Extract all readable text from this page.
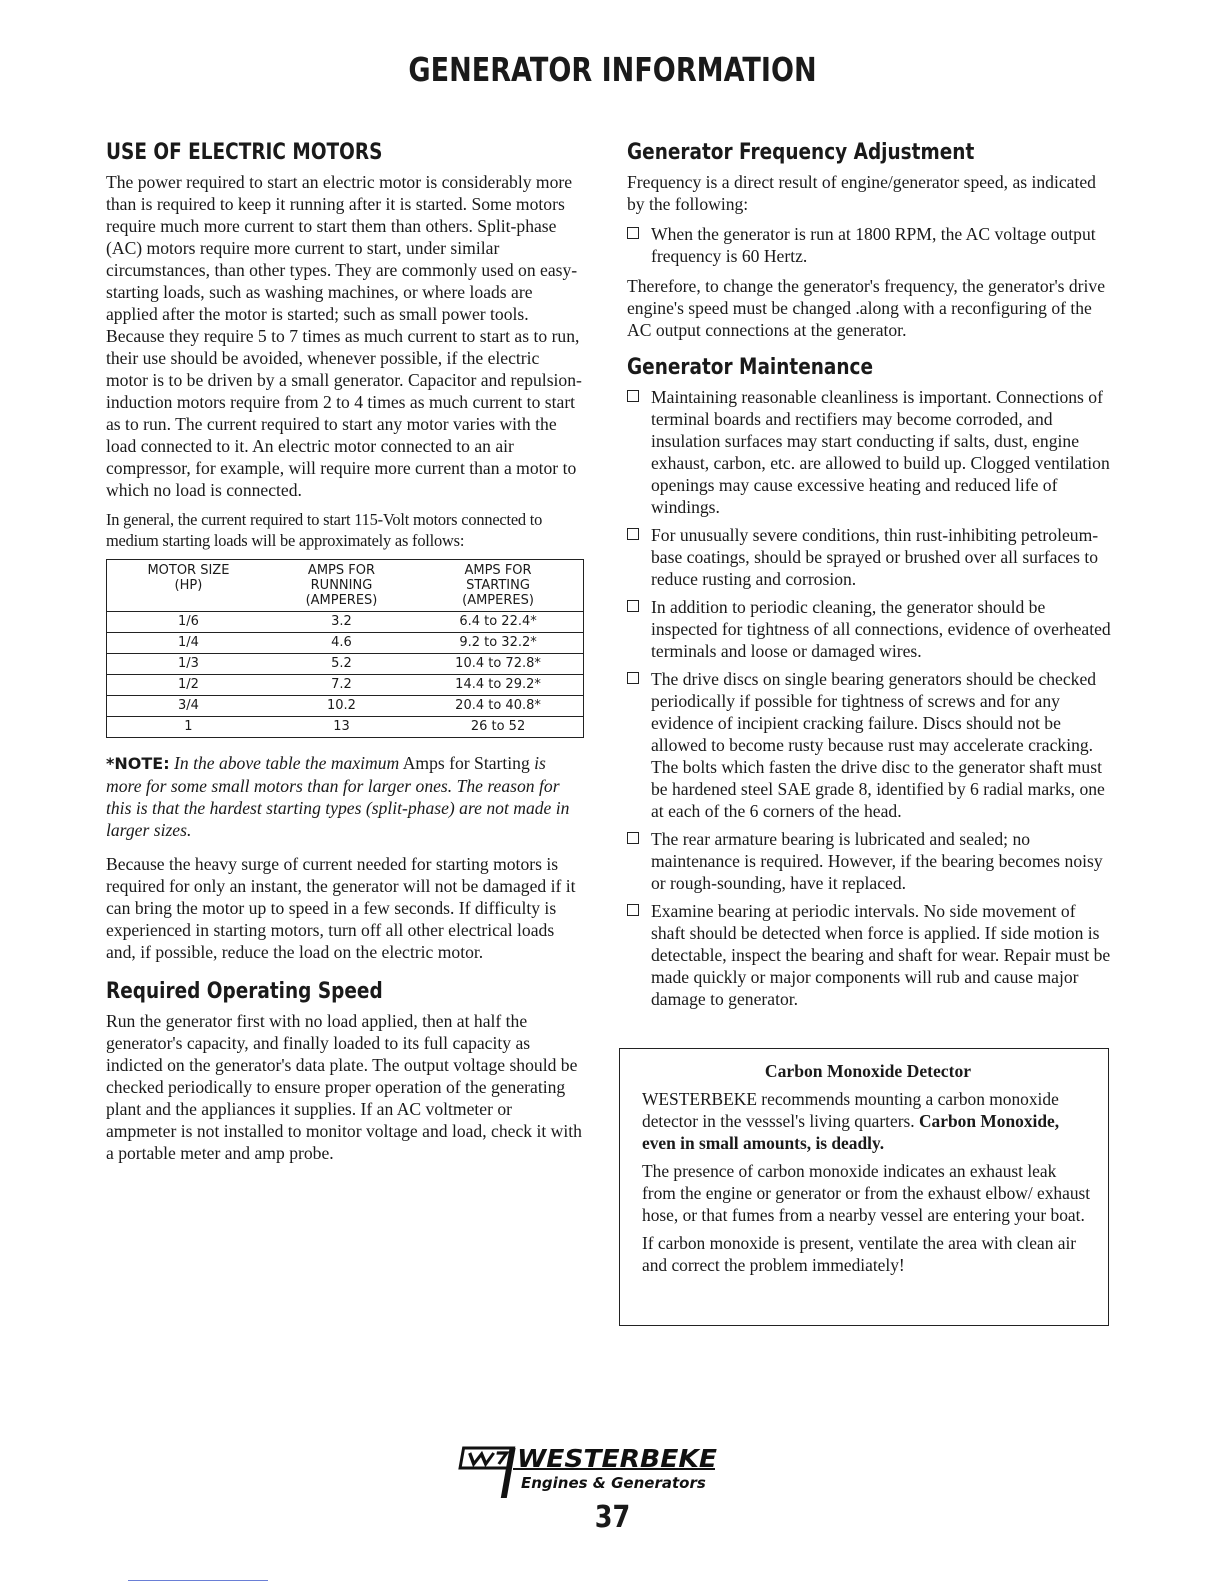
GENERATOR INFORMATION
USE OF ELECTRIC MOTORS

The power required to start an electric motor is considerably more than is required to keep it running after it is started. Some motors require much more current to start them than others. Split-phase (AC) motors require more current to start, under similar circumstances, than other types. They are commonly used on easy-starting loads, such as washing machines, or where loads are applied after the motor is started; such as small power tools. Because they require 5 to 7 times as much current to start as to run, their use should be avoided, whenever possible, if the electric motor is to be driven by a small generator. Capacitor and repulsion-induction motors require from 2 to 4 times as much current to start as to run. The current required to start any motor varies with the load connected to it. An electric motor connected to an air compressor, for example, will require more current than a motor to which no load is connected.

In general, the current required to start 115-Volt motors connected to medium starting loads will be approximately as follows:

MOTOR SIZE
(HP)	AMPS FOR
RUNNING
(AMPERES)	AMPS FOR
STARTING
(AMPERES)
1/6	3.2	6.4 to 22.4*
1/4	4.6	9.2 to 32.2*
1/3	5.2	10.4 to 72.8*
1/2	7.2	14.4 to 29.2*
3/4	10.2	20.4 to 40.8*
1	13	26 to 52

*NOTE: In the above table the maximum Amps for Starting is more for some small motors than for larger ones. The reason for this is that the hardest starting types (split-phase) are not made in larger sizes.

Because the heavy surge of current needed for starting motors is required for only an instant, the generator will not be damaged if it can bring the motor up to speed in a few seconds. If difficulty is experienced in starting motors, turn off all other electrical loads and, if possible, reduce the load on the electric motor.

Required Operating Speed

Run the generator first with no load applied, then at half the generator's capacity, and finally loaded to its full capacity as indicted on the generator's data plate. The output voltage should be checked periodically to ensure proper operation of the generating plant and the appliances it supplies. If an AC voltmeter or ampmeter is not installed to monitor voltage and load, check it with a portable meter and amp probe.

Generator Frequency Adjustment

Frequency is a direct result of engine/generator speed, as indicated by the following:

When the generator is run at 1800 RPM, the AC voltage output frequency is 60 Hertz.

Therefore, to change the generator's frequency, the generator's drive engine's speed must be changed .along with a reconfiguring of the AC output connections at the generator.

Generator Maintenance
Maintaining reasonable cleanliness is important. Connections of terminal boards and rectifiers may become corroded, and insulation surfaces may start conducting if salts, dust, engine exhaust, carbon, etc. are allowed to build up. Clogged ventilation openings may cause excessive heating and reduced life of windings.
For unusually severe conditions, thin rust-inhibiting petroleum-base coatings, should be sprayed or brushed over all surfaces to reduce rusting and corrosion.
In addition to periodic cleaning, the generator should be inspected for tightness of all connections, evidence of overheated terminals and loose or damaged wires.
The drive discs on single bearing generators should be checked periodically if possible for tightness of screws and for any evidence of incipient cracking failure. Discs should not be allowed to become rusty because rust may accelerate cracking. The bolts which fasten the drive disc to the generator shaft must be hardened steel SAE grade 8, identified by 6 radial marks, one at each of the 6 corners of the head.
The rear armature bearing is lubricated and sealed; no maintenance is required. However, if the bearing becomes noisy or rough-sounding, have it replaced.
Examine bearing at periodic intervals. No side movement of shaft should be detected when force is applied. If side motion is detectable, inspect the bearing and shaft for wear. Repair must be made quickly or major components will rub and cause major damage to generator.
Carbon Monoxide Detector

WESTERBEKE recommends mounting a carbon monoxide detector in the vesssel's living quarters. Carbon Monoxide, even in small amounts, is deadly.

The presence of carbon monoxide indicates an exhaust leak from the engine or generator or from the exhaust elbow/ exhaust hose, or that fumes from a nearby vessel are entering your boat.

If carbon monoxide is present, ventilate the area with clean air and correct the problem immediately!

WESTERBEKE
Engines & Generators
37
